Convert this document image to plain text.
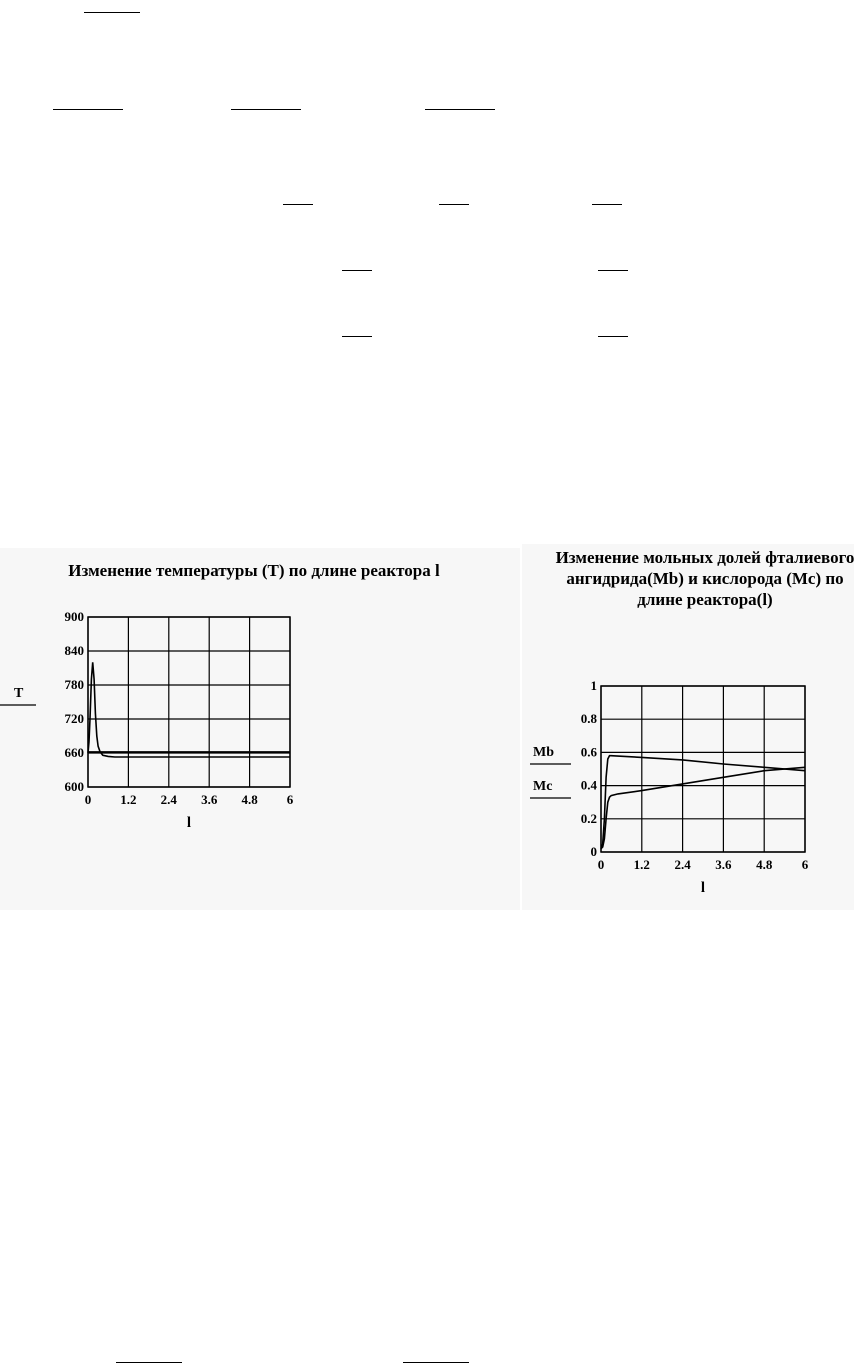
Изменение температуры (Т) по длине реактора l
Изменение мольных долей фталиевого ангидрида(Mb) и кислорода (Mc) по длине реактора(l)
0 1.2 2.4 3.6 4.8 6
600
660
720
780
840
900
l
T
0 1.2 2.4 3.6 4.8 6
0
0.2
0.4
0.6
0.8
1
l
Mb
Mc
